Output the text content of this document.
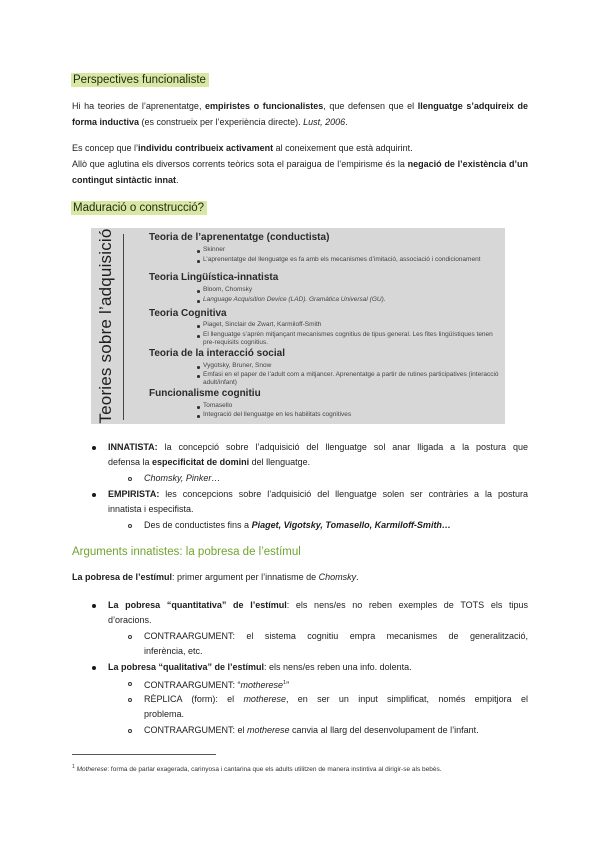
Perspectives funcionaliste
Hi ha teories de l’aprenentatge, empiristes o funcionalistes, que defensen que el llenguatge s’adquireix de forma inductiva (es construeix per l’experiència directe). Lust, 2006.
Es concep que l’individu contribueix activament al coneixement que està adquirint.
Allò que aglutina els diversos corrents teòrics sota el paraigua de l’empirisme és la negació de l’existència d’un contingut sintàctic innat.
Maduració o construcció?
Teories sobre l’adquisició	Teoria de l’aprenentatge (conductista)
Skinner
L’aprenentatge del llenguatge es fa amb els mecanismes d’imitació, associació i condicionament
Teoria Lingüística-innatista
Bloom, Chomsky
Language Acquisition Device (LAD). Gramàtica Universal (GU).
Teoria Cognitiva
Piaget, Sinclair de Zwart, Karmiloff-Smith
El llenguatge s’aprèn mitjançant mecanismes cognitius de tipus general. Les fites lingüístiques tenen pre-requisits cognitius.
Teoria de la interacció social
Vygotsky, Bruner, Snow
Èmfasi en el paper de l’adult com a mitjancer. Aprenentatge a partir de rutines participatives (interacció adult/infant)
Funcionalisme cognitiu
Tomasello
Integració del llenguatge en les habilitats cognitives
INNATISTA: la concepció sobre l’adquisició del llenguatge sol anar lligada a la postura que
defensa la especificitat de domini del llenguatge.
Chomsky, Pinker…
EMPIRISTA: les concepcions sobre l’adquisició del llenguatge solen ser contràries a la postura
innatista i especifista.
Des de conductistes fins a Piaget, Vigotsky, Tomasello, Karmiloff-Smith…
Arguments innatistes: la pobresa de l’estímul
La pobresa de l’estímul: primer argument per l’innatisme de Chomsky.
La pobresa “quantitativa” de l’estímul: els nens/es no reben exemples de TOTS els tipus
d’oracions.
CONTRAARGUMENT: el sistema cognitiu empra mecanismes de generalització,
inferència, etc.
La pobresa “qualitativa” de l’estímul: els nens/es reben una info. dolenta.
CONTRAARGUMENT: “motherese$^1$”
RÈPLICA (form): el motherese, en ser un input simplificat, només empitjora el
problema.
CONTRAARGUMENT: el motherese canvia al llarg del desenvolupament de l’infant.
$^1$ Motherese: forma de parlar exagerada, carinyosa i cantarina que els adults utilitzen de manera instintiva al dirigir-se als bebès.
